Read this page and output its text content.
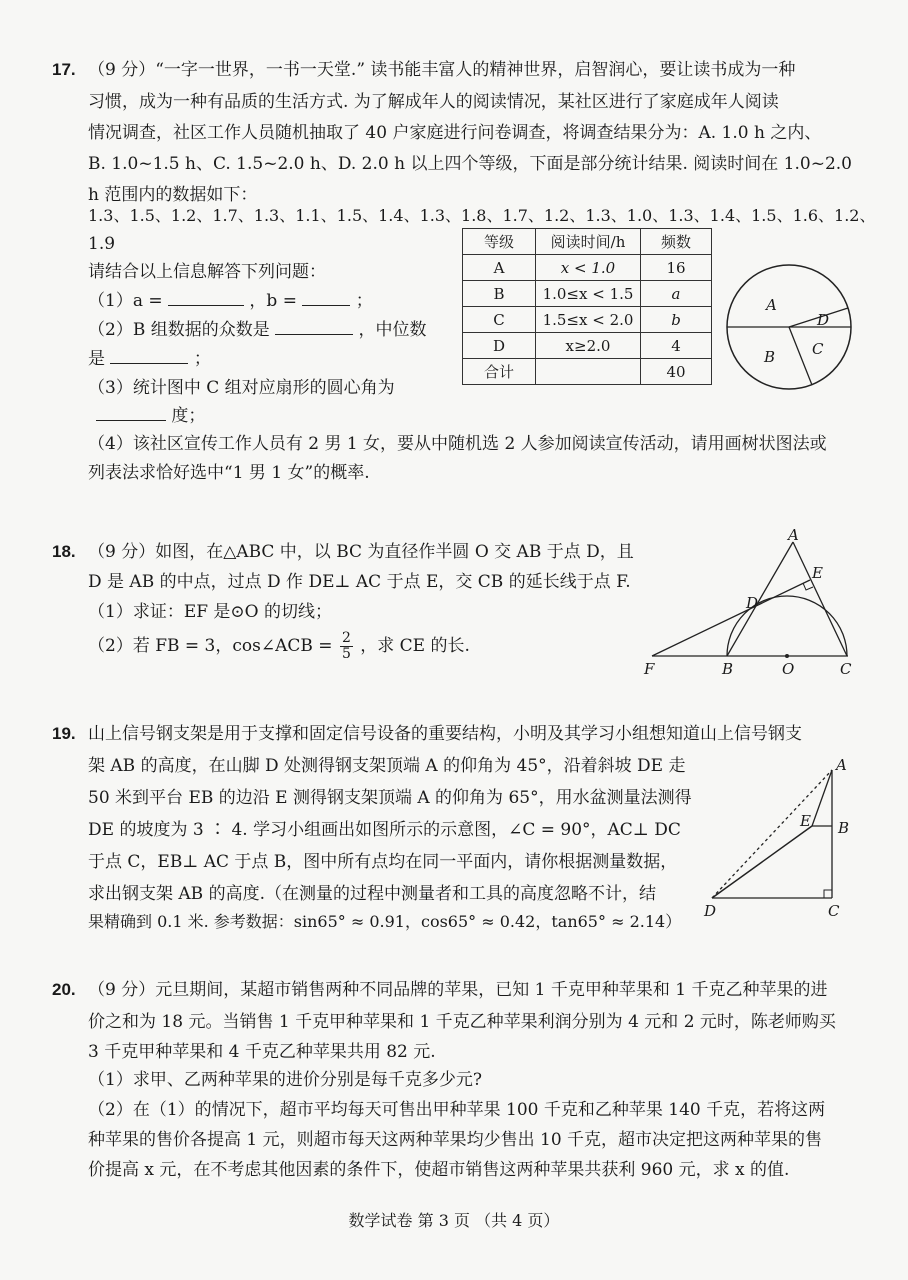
17. （9 分）“一字一世界，一书一天堂.” 读书能丰富人的精神世界，启智润心，要让读书成为一种
习惯，成为一种有品质的生活方式. 为了解成年人的阅读情况，某社区进行了家庭成年人阅读
情况调查，社区工作人员随机抽取了 40 户家庭进行问卷调查，将调查结果分为：A. 1.0 h 之内、
B. 1.0~1.5 h、C. 1.5~2.0 h、D. 2.0 h 以上四个等级，下面是部分统计结果. 阅读时间在 1.0~2.0
h 范围内的数据如下：
1.3、1.5、1.2、1.7、1.3、1.1、1.5、1.4、1.3、1.8、1.7、1.2、1.3、1.0、1.3、1.4、1.5、1.6、1.2、
1.9
请结合以上信息解答下列问题：
（1）a =	，b =	；
（2）B 组数据的众数是	，中位数
是	；
（3）统计图中 C 组对应扇形的圆心角为
度；
（4）该社区宣传工作人员有 2 男 1 女，要从中随机选 2 人参加阅读宣传活动，请用画树状图法或
列表法求恰好选中“1 男 1 女”的概率.
等级	阅读时间/h	频数
A	x < 1.0	16
B	1.0≤x < 1.5	a
C	1.5≤x < 2.0	b
D	x≥2.0	4
合计		40
A
B C
D
18. （9 分）如图，在△ABC 中，以 BC 为直径作半圆 O 交 AB 于点 D，且
D 是 AB 的中点，过点 D 作 DE⊥ AC 于点 E，交 CB 的延长线于点 F.
（1）求证：EF 是⊙O 的切线；
（2）若 FB = 3，cos∠ACB = $\frac{2}{5}$ ，求 CE 的长.
A
E
D
F	B	O	C
19. 山上信号钢支架是用于支撑和固定信号设备的重要结构，小明及其学习小组想知道山上信号钢支
架 AB 的高度，在山脚 D 处测得钢支架顶端 A 的仰角为 45°，沿着斜坡 DE 走
50 米到平台 EB 的边沿 E 测得钢支架顶端 A 的仰角为 65°，用水盆测量法测得
DE 的坡度为 3 ∶ 4. 学习小组画出如图所示的示意图，∠C = 90°，AC⊥ DC
于点 C，EB⊥ AC 于点 B，图中所有点均在同一平面内，请你根据测量数据，
求出钢支架 AB 的高度.（在测量的过程中测量者和工具的高度忽略不计，结
果精确到 0.1 米. 参考数据：sin65° ≈ 0.91，cos65° ≈ 0.42，tan65° ≈ 2.14）
A
E B
D	C
20. （9 分）元旦期间，某超市销售两种不同品牌的苹果，已知 1 千克甲种苹果和 1 千克乙种苹果的进
价之和为 18 元。当销售 1 千克甲种苹果和 1 千克乙种苹果利润分别为 4 元和 2 元时，陈老师购买
3 千克甲种苹果和 4 千克乙种苹果共用 82 元.
（1）求甲、乙两种苹果的进价分别是每千克多少元?
（2）在（1）的情况下，超市平均每天可售出甲种苹果 100 千克和乙种苹果 140 千克，若将这两
种苹果的售价各提高 1 元，则超市每天这两种苹果均少售出 10 千克，超市决定把这两种苹果的售
价提高 x 元，在不考虑其他因素的条件下，使超市销售这两种苹果共获利 960 元，求 x 的值.
数学试卷 第 3 页 （共 4 页）
